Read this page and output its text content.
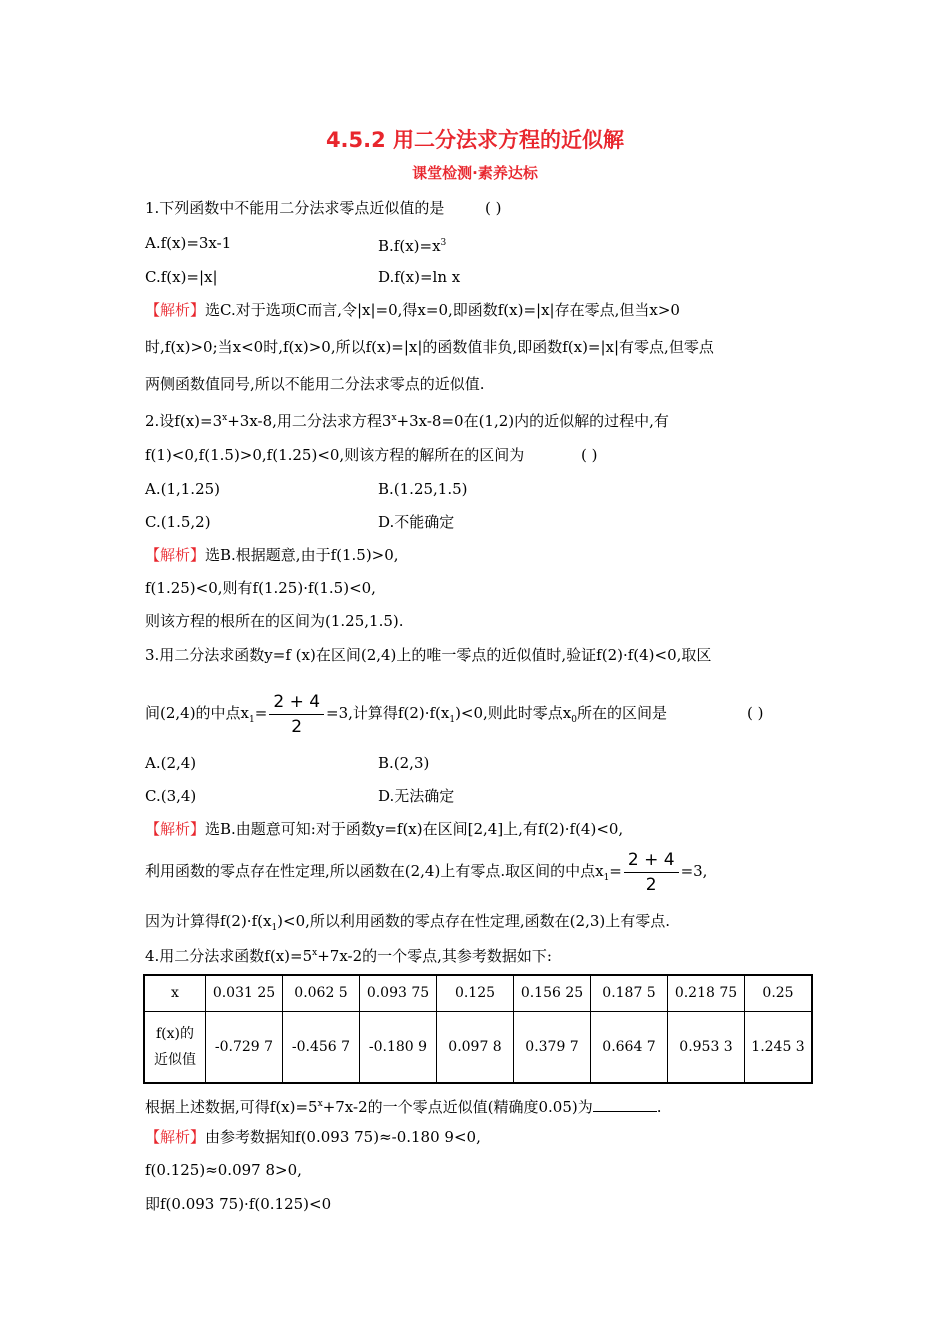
4.5.2 用二分法求方程的近似解
课堂检测·素养达标
1.下列函数中不能用二分法求零点近似值的是	( )
A.f(x)=3x-1	$B.f(x)=x^3$
C.f(x)=|x|	D.f(x)=ln x
【解析】选C.对于选项C而言,令|x|=0,得x=0,即函数f(x)=|x|存在零点,但当x>0
时,f(x)>0;当x<0时,f(x)>0,所以f(x)=|x|的函数值非负,即函数f(x)=|x|有零点,但零点
两侧函数值同号,所以不能用二分法求零点的近似值.
2.设$f(x)=3^x+3x-8$,用二分法求方程$3^x+3x-8=0$在(1,2)内的近似解的过程中,有
f(1)<0,f(1.5)>0,f(1.25)<0,则该方程的解所在的区间为	( )
A.(1,1.25)	B.(1.25,1.5)
C.(1.5,2)	D.不能确定
【解析】选B.根据题意,由于f(1.5)>0,
f(1.25)<0,则有f(1.25)·f(1.5)<0,
则该方程的根所在的区间为(1.25,1.5).
3.用二分法求函数y=f (x)在区间(2,4)上的唯一零点的近似值时,验证f(2)·f(4)<0,取区
间(2,4)的中点$x_1= \frac{2 + 4}{2} =3$,计算得$f(2)\cdot f(x_1)<0$,则此时零点$x_0$所在的区间是	( )
A.(2,4)	B.(2,3)
C.(3,4)	D.无法确定
【解析】选B.由题意可知:对于函数y=f(x)在区间[2,4]上,有f(2)·f(4)<0,
利用函数的零点存在性定理,所以函数在(2,4)上有零点.取区间的中点$x_1= \frac{2 + 4}{2} =3$,
因为计算得$f(2)\cdot f(x_1)<0$,所以利用函数的零点存在性定理,函数在(2,3)上有零点.
4.用二分法求函数$f(x)=5^x+7x-2$的一个零点,其参考数据如下:
x	0.031 25	0.062 5	0.093 75	0.125	0.156 25	0.187 5	0.218 75	0.25

f(x)的
近似值	-0.729 7	-0.456 7	-0.180 9	0.097 8	0.379 7	0.664 7	0.953 3	1.245 3
根据上述数据,可得$f(x)=5^x+7x-2$的一个零点近似值(精确度0.05)为	.
【解析】由参考数据知f(0.093 75)≈-0.180 9<0,
f(0.125)≈0.097 8>0,
即f(0.093 75)·f(0.125)<0
